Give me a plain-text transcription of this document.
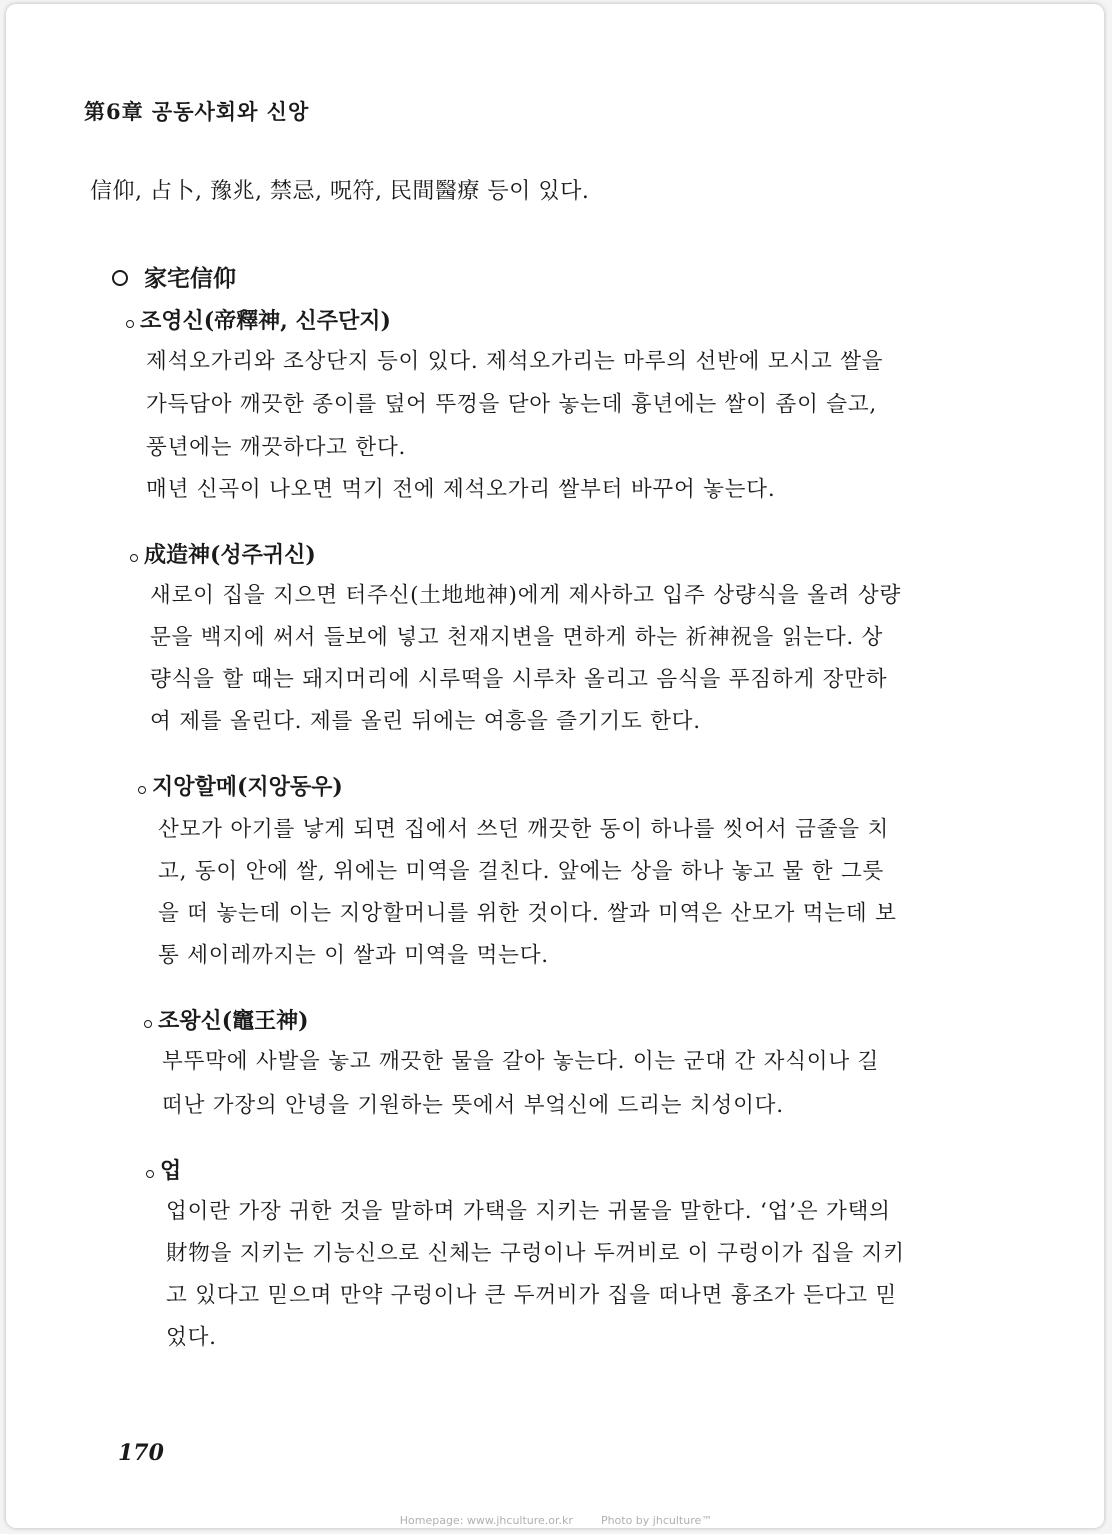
第6章 공동사회와 신앙
信仰, 占卜, 豫兆, 禁忌, 呪符, 民間醫療 등이 있다.
家宅信仰
조영신(帝釋神, 신주단지)
제석오가리와 조상단지 등이 있다. 제석오가리는 마루의 선반에 모시고 쌀을
가득담아 깨끗한 종이를 덮어 뚜껑을 닫아 놓는데 흉년에는 쌀이 좀이 슬고,
풍년에는 깨끗하다고 한다.
매년 신곡이 나오면 먹기 전에 제석오가리 쌀부터 바꾸어 놓는다.
成造神(성주귀신)
새로이 집을 지으면 터주신(土地地神)에게 제사하고 입주 상량식을 올려 상량
문을 백지에 써서 들보에 넣고 천재지변을 면하게 하는 祈神祝을 읽는다. 상
량식을 할 때는 돼지머리에 시루떡을 시루차 올리고 음식을 푸짐하게 장만하
여 제를 올린다. 제를 올린 뒤에는 여흥을 즐기기도 한다.
지앙할메(지앙동우)
산모가 아기를 낳게 되면 집에서 쓰던 깨끗한 동이 하나를 씻어서 금줄을 치
고, 동이 안에 쌀, 위에는 미역을 걸친다. 앞에는 상을 하나 놓고 물 한 그릇
을 떠 놓는데 이는 지앙할머니를 위한 것이다. 쌀과 미역은 산모가 먹는데 보
통 세이레까지는 이 쌀과 미역을 먹는다.
조왕신(竈王神)
부뚜막에 사발을 놓고 깨끗한 물을 갈아 놓는다. 이는 군대 간 자식이나 길
떠난 가장의 안녕을 기원하는 뜻에서 부엌신에 드리는 치성이다.
업
업이란 가장 귀한 것을 말하며 가택을 지키는 귀물을 말한다. ‘업’은 가택의
財物을 지키는 기능신으로 신체는 구렁이나 두꺼비로 이 구렁이가 집을 지키
고 있다고 믿으며 만약 구렁이나 큰 두꺼비가 집을 떠나면 흉조가 든다고 믿
었다.
170
Homepage: www.jhculture.or.kr	Photo by jhculture™
